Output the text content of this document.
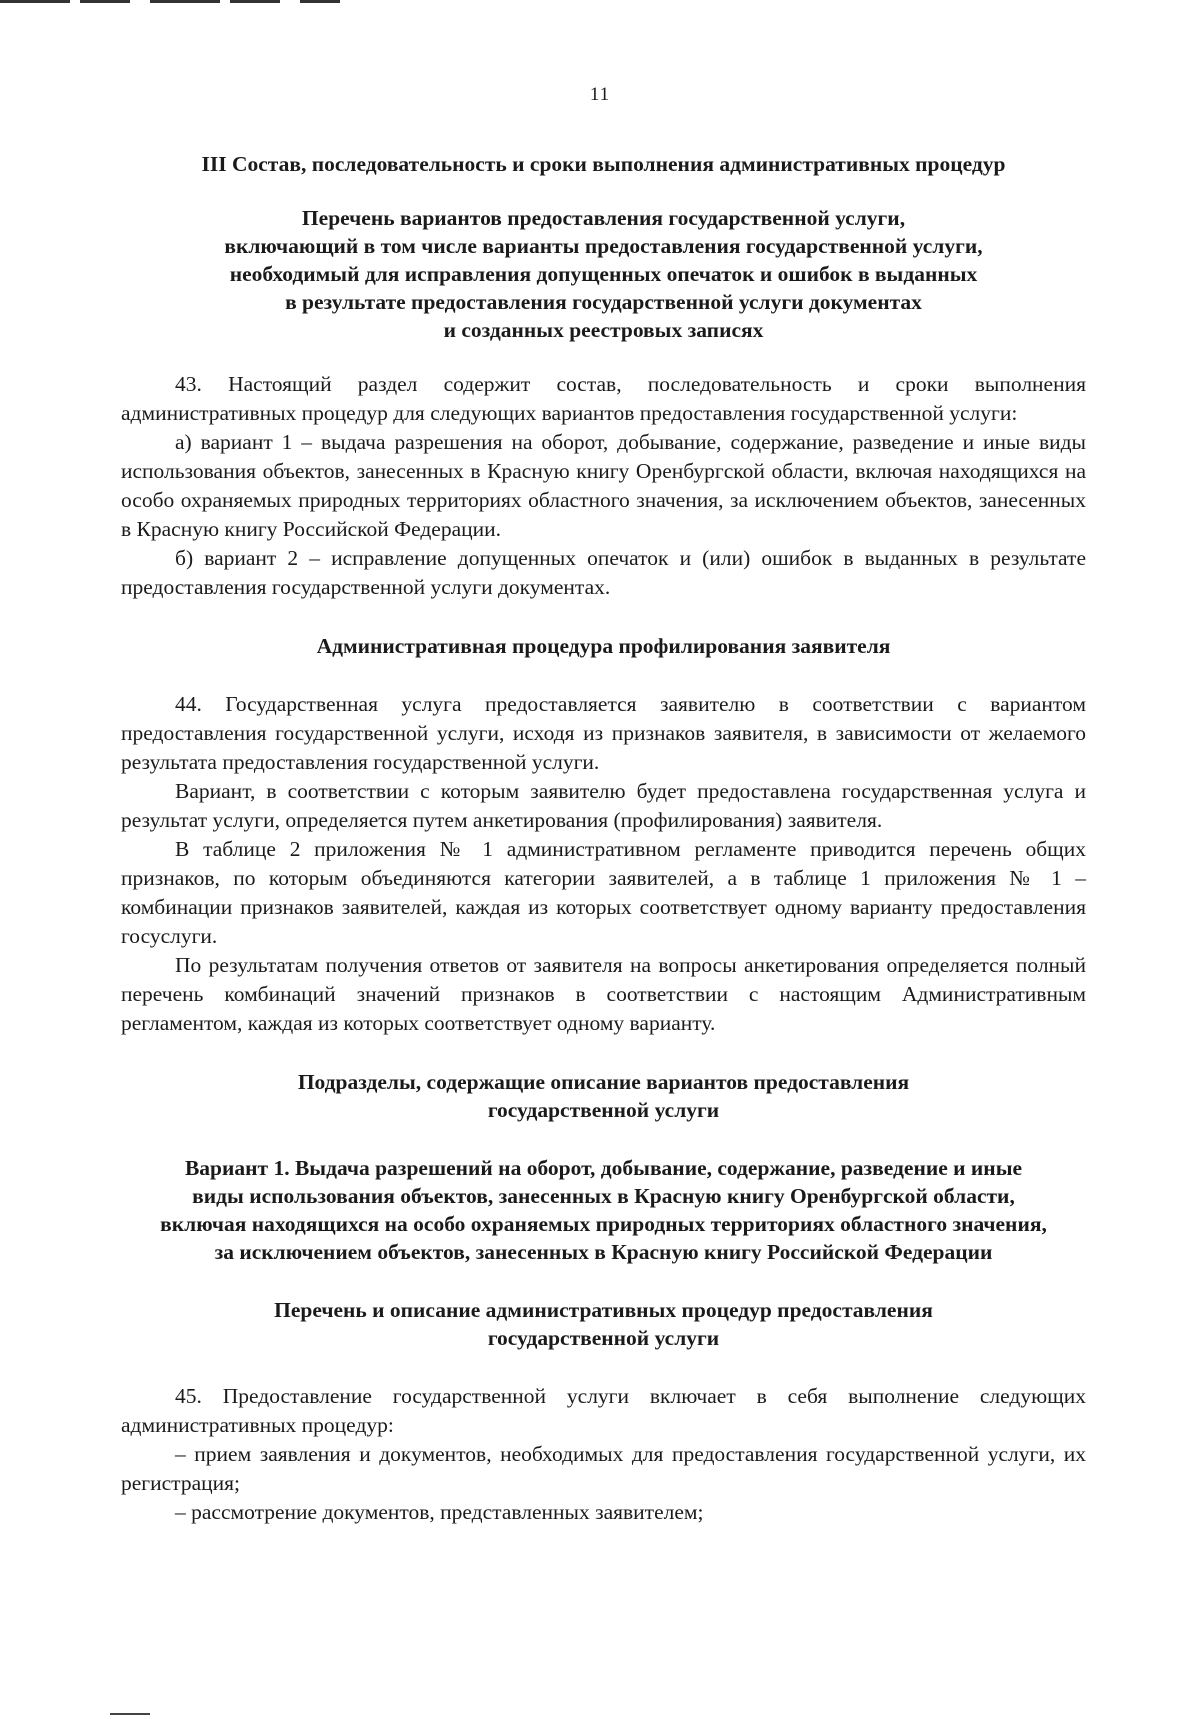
11

III Состав, последовательность и сроки выполнения административных процедур

Перечень вариантов предоставления государственной услуги,
включающий в том числе варианты предоставления государственной услуги,
необходимый для исправления допущенных опечаток и ошибок в выданных
в результате предоставления государственной услуги документах
и созданных реестровых записях

43. Настоящий раздел содержит состав, последовательность и сроки выполнения административных процедур для следующих вариантов предоставления государственной услуги:

а) вариант 1 – выдача разрешения на оборот, добывание, содержание, разведение и иные виды использования объектов, занесенных в Красную книгу Оренбургской области, включая находящихся на особо охраняемых природных территориях областного значения, за исключением объектов, занесенных в Красную книгу Российской Федерации.

б) вариант 2 – исправление допущенных опечаток и (или) ошибок в выданных в результате предоставления государственной услуги документах.

Административная процедура профилирования заявителя

44. Государственная услуга предоставляется заявителю в соответствии с вариантом предоставления государственной услуги, исходя из признаков заявителя, в зависимости от желаемого результата предоставления государственной услуги.

Вариант, в соответствии с которым заявителю будет предоставлена государственная услуга и результат услуги, определяется путем анкетирования (профилирования) заявителя.

В таблице 2 приложения № 1 административном регламенте приводится перечень общих признаков, по которым объединяются категории заявителей, а в таблице 1 приложения № 1 – комбинации признаков заявителей, каждая из которых соответствует одному варианту предоставления госуслуги.

По результатам получения ответов от заявителя на вопросы анкетирования определяется полный перечень комбинаций значений признаков в соответствии с настоящим Административным регламентом, каждая из которых соответствует одному варианту.

Подразделы, содержащие описание вариантов предоставления
государственной услуги

Вариант 1. Выдача разрешений на оборот, добывание, содержание, разведение и иные
виды использования объектов, занесенных в Красную книгу Оренбургской области,
включая находящихся на особо охраняемых природных территориях областного значения,
за исключением объектов, занесенных в Красную книгу Российской Федерации

Перечень и описание административных процедур предоставления
государственной услуги

45. Предоставление государственной услуги включает в себя выполнение следующих административных процедур:

– прием заявления и документов, необходимых для предоставления государственной услуги, их регистрация;

– рассмотрение документов, представленных заявителем;
